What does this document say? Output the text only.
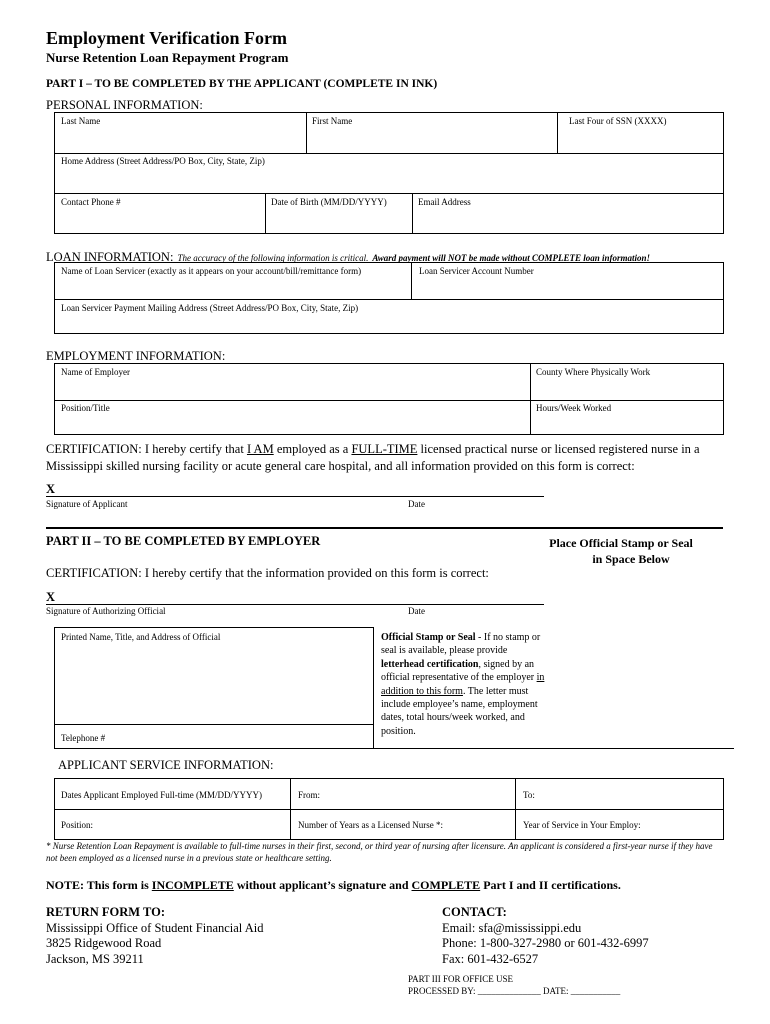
Employment Verification Form
Nurse Retention Loan Repayment Program
PART I – TO BE COMPLETED BY THE APPLICANT (COMPLETE IN INK)
PERSONAL INFORMATION:
Last Name	First Name	Last Four of SSN (XXXX)
Home Address (Street Address/PO Box, City, State, Zip)
Contact Phone #	Date of Birth (MM/DD/YYYY)	Email Address
LOAN INFORMATION: The accuracy of the following information is critical. Award payment will NOT be made without COMPLETE loan information!
Name of Loan Servicer (exactly as it appears on your account/bill/remittance form)	Loan Servicer Account Number
Loan Servicer Payment Mailing Address (Street Address/PO Box, City, State, Zip)
EMPLOYMENT INFORMATION:
Name of Employer	County Where Physically Work
Position/Title	Hours/Week Worked
CERTIFICATION: I hereby certify that I AM employed as a FULL-TIME licensed practical nurse or licensed registered nurse in a
Mississippi skilled nursing facility or acute general care hospital, and all information provided on this form is correct:
X
Signature of Applicant	Date
PART II – TO BE COMPLETED BY EMPLOYER	Place Official Stamp or Seal
in Space Below
CERTIFICATION: I hereby certify that the information provided on this form is correct:
X
Signature of Authorizing Official	Date
Printed Name, Title, and Address of Official
Telephone #
Official Stamp or Seal - If no stamp or seal is available, please provide letterhead certification, signed by an official representative of the employer in addition to this form. The letter must include employee’s name, employment dates, total hours/week worked, and position.
APPLICANT SERVICE INFORMATION:
Dates Applicant Employed Full-time (MM/DD/YYYY)	From:	To:
Position:	Number of Years as a Licensed Nurse *:	Year of Service in Your Employ:
* Nurse Retention Loan Repayment is available to full-time nurses in their first, second, or third year of nursing after licensure. An applicant is considered a first-year nurse if they have not been employed as a licensed nurse in a previous state or healthcare setting.
NOTE: This form is INCOMPLETE without applicant’s signature and COMPLETE Part I and II certifications.
RETURN FORM TO:
Mississippi Office of Student Financial Aid
3825 Ridgewood Road
Jackson, MS 39211
CONTACT:
Email: sfa@mississippi.edu
Phone: 1-800-327-2980 or 601-432-6997
Fax: 601-432-6527
PART III FOR OFFICE USE
PROCESSED BY: ______________ DATE: ___________
